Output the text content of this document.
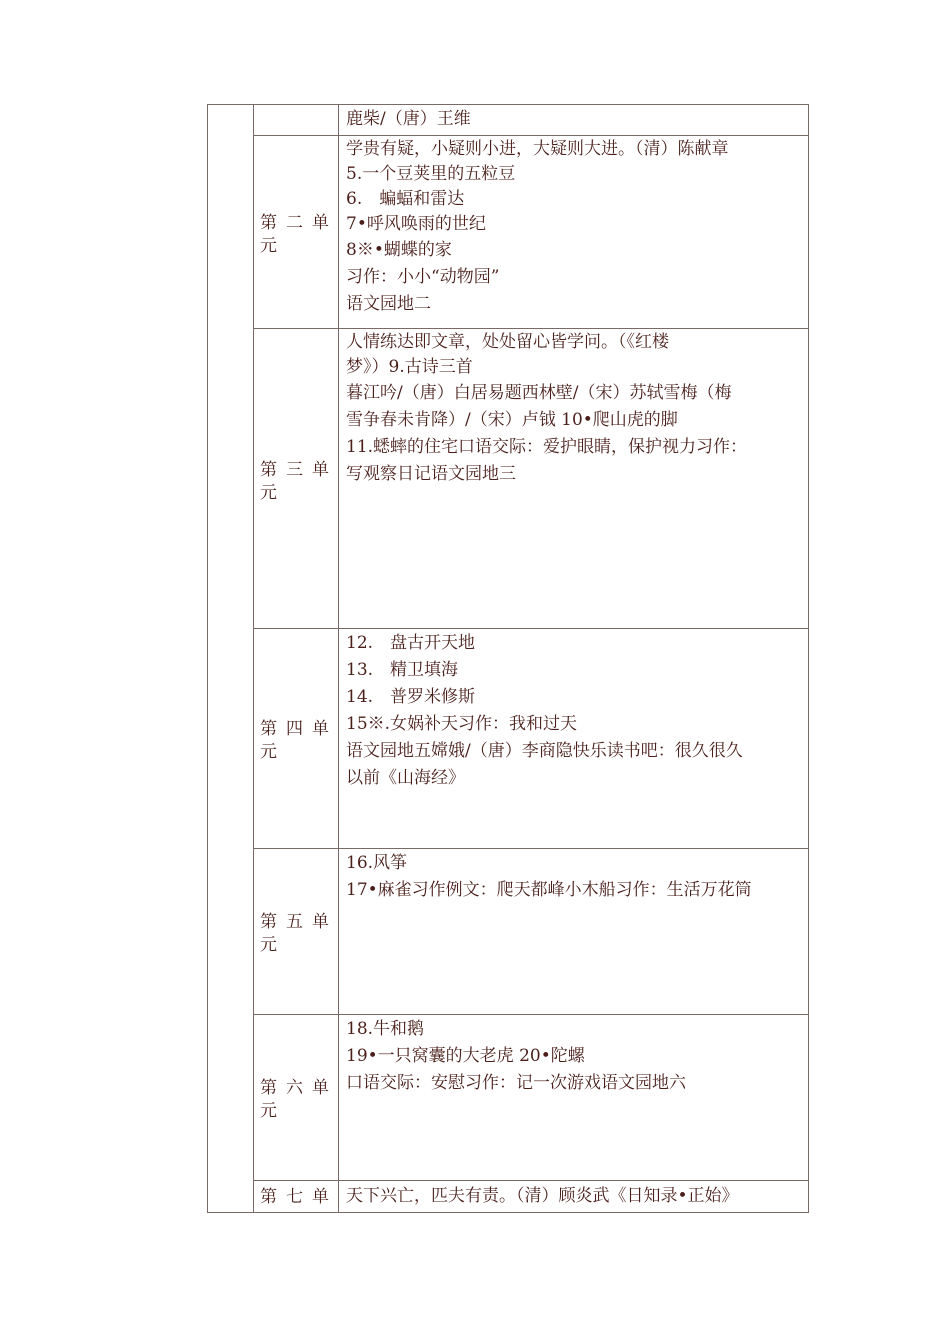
鹿柴/（唐）王维
第二单
元
学贵有疑，小疑则小进，大疑则大进。（清）陈献章
5.一个豆荚里的五粒豆
6.　蝙蝠和雷达
7•呼风唤雨的世纪
8※•蝴蝶的家
习作：小小“动物园”
语文园地二
第三单
元
人情练达即文章，处处留心皆学问。（《红楼
梦》）9.古诗三首
暮江吟/（唐）白居易题西林壁/（宋）苏轼雪梅（梅
雪争春未肯降）/（宋）卢钺 10•爬山虎的脚
11.蟋蟀的住宅口语交际：爱护眼睛，保护视力习作：
写观察日记语文园地三
第四单
元
12.　盘古开天地
13.　精卫填海
14.　普罗米修斯
15※.女娲补天习作：我和过天
语文园地五嫦娥/（唐）李商隐快乐读书吧：很久很久
以前《山海经》
第五单
元
16.风筝
17•麻雀习作例文：爬天都峰小木船习作：生活万花筒
第六单
元
18.牛和鹅
19•一只窝囊的大老虎 20•陀螺
口语交际：安慰习作：记一次游戏语文园地六
第七单 天下兴亡，匹夫有责。（清）顾炎武《日知录•正始》
